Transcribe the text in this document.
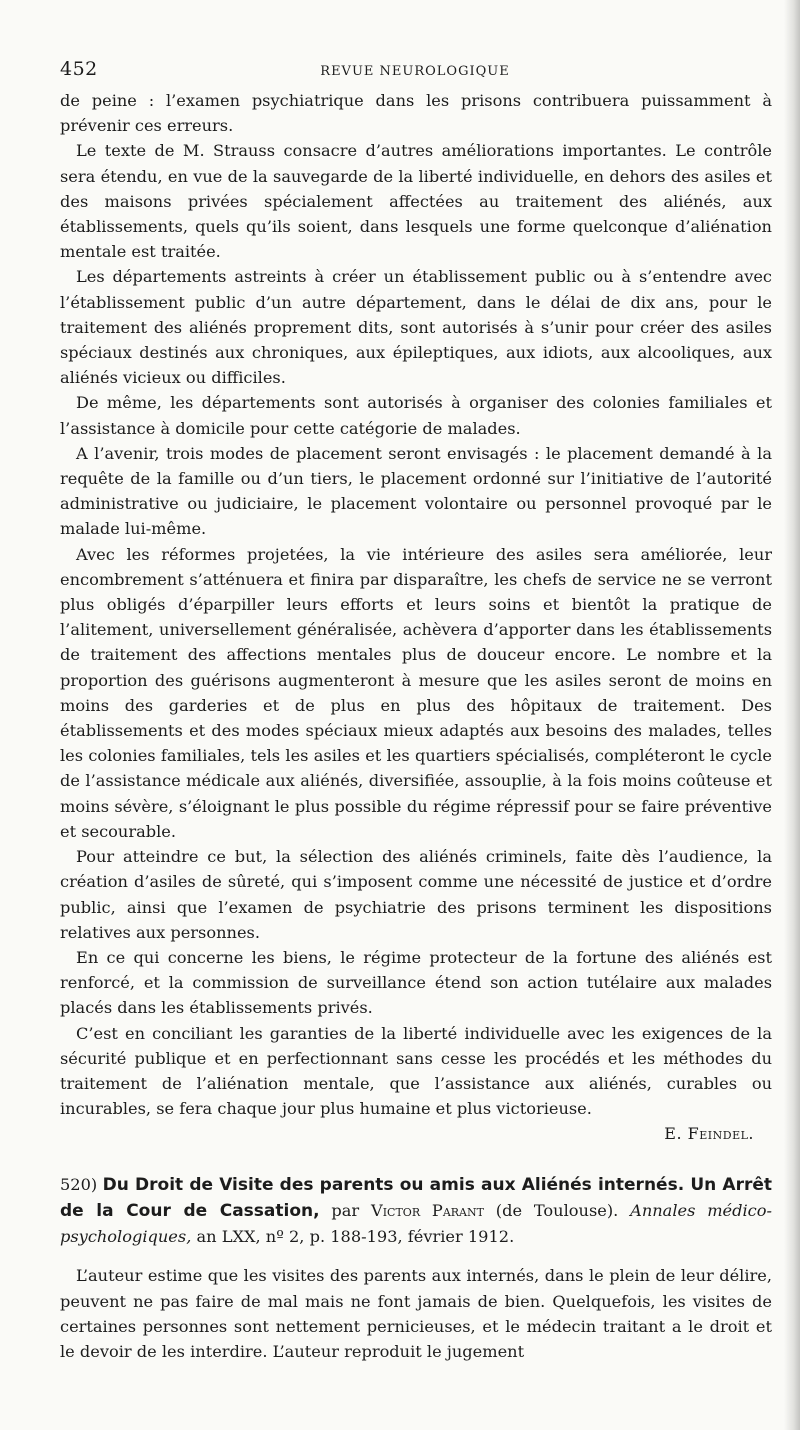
452	REVUE NEUROLOGIQUE

de peine : l’examen psychiatrique dans les prisons contribuera puissamment à prévenir ces erreurs.

Le texte de M. Strauss consacre d’autres améliorations importantes. Le contrôle sera étendu, en vue de la sauvegarde de la liberté individuelle, en dehors des asiles et des maisons privées spécialement affectées au traitement des aliénés, aux établissements, quels qu’ils soient, dans lesquels une forme quelconque d’aliénation mentale est traitée.

Les départements astreints à créer un établissement public ou à s’entendre avec l’établissement public d’un autre département, dans le délai de dix ans, pour le traitement des aliénés proprement dits, sont autorisés à s’unir pour créer des asiles spéciaux destinés aux chroniques, aux épileptiques, aux idiots, aux alcooliques, aux aliénés vicieux ou difficiles.

De même, les départements sont autorisés à organiser des colonies familiales et l’assistance à domicile pour cette catégorie de malades.

A l’avenir, trois modes de placement seront envisagés : le placement demandé à la requête de la famille ou d’un tiers, le placement ordonné sur l’initiative de l’autorité administrative ou judiciaire, le placement volontaire ou personnel provoqué par le malade lui-même.

Avec les réformes projetées, la vie intérieure des asiles sera améliorée, leur encombrement s’atténuera et finira par disparaître, les chefs de service ne se verront plus obligés d’éparpiller leurs efforts et leurs soins et bientôt la pratique de l’alitement, universellement généralisée, achèvera d’apporter dans les établissements de traitement des affections mentales plus de douceur encore. Le nombre et la proportion des guérisons augmenteront à mesure que les asiles seront de moins en moins des garderies et de plus en plus des hôpitaux de traitement. Des établissements et des modes spéciaux mieux adaptés aux besoins des malades, telles les colonies familiales, tels les asiles et les quartiers spécialisés, compléteront le cycle de l’assistance médicale aux aliénés, diversifiée, assouplie, à la fois moins coûteuse et moins sévère, s’éloignant le plus possible du régime répressif pour se faire préventive et secourable.

Pour atteindre ce but, la sélection des aliénés criminels, faite dès l’audience, la création d’asiles de sûreté, qui s’imposent comme une nécessité de justice et d’ordre public, ainsi que l’examen de psychiatrie des prisons terminent les dispositions relatives aux personnes.

En ce qui concerne les biens, le régime protecteur de la fortune des aliénés est renforcé, et la commission de surveillance étend son action tutélaire aux malades placés dans les établissements privés.

C’est en conciliant les garanties de la liberté individuelle avec les exigences de la sécurité publique et en perfectionnant sans cesse les procédés et les méthodes du traitement de l’aliénation mentale, que l’assistance aux aliénés, curables ou incurables, se fera chaque jour plus humaine et plus victorieuse.

E. Feindel.
520) Du Droit de Visite des parents ou amis aux Aliénés internés. Un Arrêt de la Cour de Cassation, par Victor Parant (de Toulouse). Annales médico-psychologiques, an LXX, nº 2, p. 188-193, février 1912.

L’auteur estime que les visites des parents aux internés, dans le plein de leur délire, peuvent ne pas faire de mal mais ne font jamais de bien. Quelquefois, les visites de certaines personnes sont nettement pernicieuses, et le médecin traitant a le droit et le devoir de les interdire. L’auteur reproduit le jugement
